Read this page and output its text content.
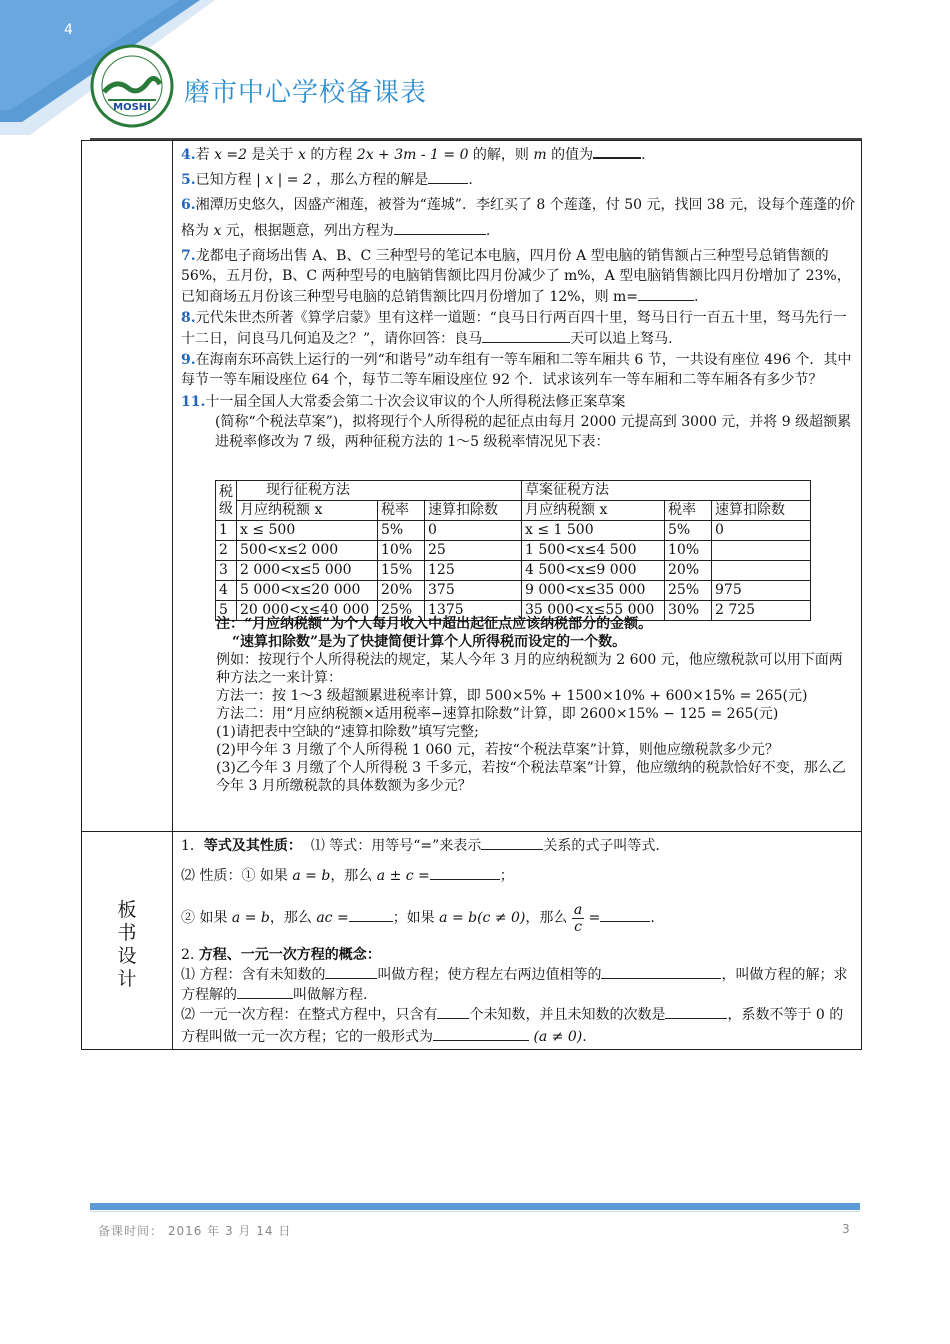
4
MOSHI 磨市中心学校备课表
板书设计

4.若 x =2 是关于 x 的方程 2x + 3m - 1 = 0 的解，则 m 的值为	.

5.已知方程 | x | = 2 ，那么方程的解是	.

6.湘潭历史悠久，因盛产湘莲，被誉为“莲城”．李红买了 8 个莲蓬，付 50 元，找回 38 元，设每个莲蓬的价格为 x 元，根据题意，列出方程为	.

7.龙都电子商场出售 A、B、C 三种型号的笔记本电脑，四月份 A 型电脑的销售额占三种型号总销售额的 56%，五月份，B、C 两种型号的电脑销售额比四月份减少了 m%，A 型电脑销售额比四月份增加了 23%，已知商场五月份该三种型号电脑的总销售额比四月份增加了 12%，则 m=	.

8.元代朱世杰所著《算学启蒙》里有这样一道题：“良马日行两百四十里，驽马日行一百五十里，驽马先行一十二日，问良马几何追及之？”，请你回答：良马	天可以追上驽马.

9.在海南东环高铁上运行的一列“和谐号”动车组有一等车厢和二等车厢共 6 节，一共设有座位 496 个．其中每节一等车厢设座位 64 个，每节二等车厢设座位 92 个．试求该列车一等车厢和二等车厢各有多少节？

11.十一届全国人大常委会第二十次会议审议的个人所得税法修正案草案

(简称“个税法草案”)，拟将现行个人所得税的起征点由每月 2000 元提高到 3000 元，并将 9 级超额累进税率修改为 7 级，两种征税方法的 1～5 级税率情况见下表：

税级	现行征税方法			草案征税方法		
	月应纳税额 x	税率	速算扣除数	月应纳税额 x	税率	速算扣除数
1	x ≤ 500	5%	0	x ≤ 1 500	5%	0
2	500<x≤2 000	10%	25	1 500<x≤4 500	10%	
3	2 000<x≤5 000	15%	125	4 500<x≤9 000	20%	
4	5 000<x≤20 000	20%	375	9 000<x≤35 000	25%	975
5	20 000<x≤40 000	25%	1375	35 000<x≤55 000	30%	2 725
注：“月应纳税额”为个人每月收入中超出起征点应该纳税部分的金额。
“速算扣除数”是为了快捷简便计算个人所得税而设定的一个数。

例如：按现行个人所得税法的规定，某人今年 3 月的应纳税额为 2 600 元，他应缴税款可以用下面两种方法之一来计算：

方法一：按 1～3 级超额累进税率计算，即 500×5% + 1500×10% + 600×15% = 265(元)

方法二：用“月应纳税额×适用税率−速算扣除数”计算，即 2600×15% − 125 = 265(元)

(1)请把表中空缺的“速算扣除数”填写完整;

(2)甲今年 3 月缴了个人所得税 1 060 元，若按“个税法草案”计算，则他应缴税款多少元？

(3)乙今年 3 月缴了个人所得税 3 千多元，若按“个税法草案”计算，他应缴纳的税款恰好不变，那么乙今年 3 月所缴税款的具体数额为多少元？

1．等式及其性质： ⑴ 等式：用等号“=”来表示	关系的式子叫等式.

⑵ 性质：① 如果 a = b，那么 a ± c =	；

② 如果 a = b，那么 ac =	；如果 a = b(c ≠ 0)，那么 $\frac{a}{c}$ =	.

2. 方程、一元一次方程的概念：

⑴ 方程：含有未知数的	叫做方程；使方程左右两边值相等的	，叫做方程的解；求方程解的	叫做解方程.

⑵ 一元一次方程：在整式方程中，只含有 个未知数，并且未知数的次数是	，系数不等于 0 的方程叫做一元一次方程；它的一般形式为	(a ≠ 0).

备课时间： 2016 年 3 月 14 日	3
